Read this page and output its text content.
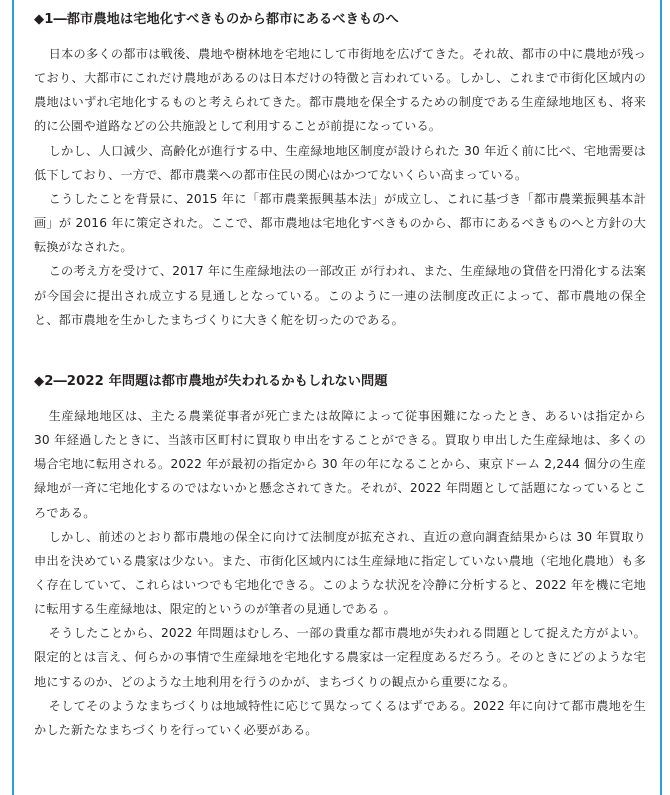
◆1―都市農地は宅地化すべきものから都市にあるべきものへ

日本の多くの都市は戦後、農地や樹林地を宅地にして市街地を広げてきた。それ故、都市の中に農地が残っており、大都市にこれだけ農地があるのは日本だけの特徴と言われている。しかし、これまで市街化区域内の農地はいずれ宅地化するものと考えられてきた。都市農地を保全するための制度である生産緑地地区も、将来的に公園や道路などの公共施設として利用することが前提になっている。

しかし、人口減少、高齢化が進行する中、生産緑地地区制度が設けられた 30 年近く前に比べ、宅地需要は低下しており、一方で、都市農業への都市住民の関心はかつてないくらい高まっている。

こうしたことを背景に、2015 年に「都市農業振興基本法」が成立し、これに基づき「都市農業振興基本計画」が 2016 年に策定された。ここで、都市農地は宅地化すべきものから、都市にあるべきものへと方針の大転換がなされた。

この考え方を受けて、2017 年に生産緑地法の一部改正 が行われ、また、生産緑地の貸借を円滑化する法案 が今国会に提出され成立する見通しとなっている。このように一連の法制度改正によって、都市農地の保全と、都市農地を生かしたまちづくりに大きく舵を切ったのである。

◆2―2022 年問題は都市農地が失われるかもしれない問題

生産緑地地区は、主たる農業従事者が死亡または故障によって従事困難になったとき、あるいは指定から 30 年経過したときに、当該市区町村に買取り申出をすることができる。買取り申出した生産緑地は、多くの場合宅地に転用される。2022 年が最初の指定から 30 年の年になることから、東京ドーム 2,244 個分の生産緑地が一斉に宅地化するのではないかと懸念されてきた。それが、2022 年問題として話題になっているところである。

しかし、前述のとおり都市農地の保全に向けて法制度が拡充され、直近の意向調査結果からは 30 年買取り申出を決めている農家は少ない。また、市街化区域内には生産緑地に指定していない農地（宅地化農地）も多く存在していて、これらはいつでも宅地化できる。このような状況を冷静に分析すると、2022 年を機に宅地に転用する生産緑地は、限定的というのが筆者の見通しである 。

そうしたことから、2022 年問題はむしろ、一部の貴重な都市農地が失われる問題として捉えた方がよい。限定的とは言え、何らかの事情で生産緑地を宅地化する農家は一定程度あるだろう。そのときにどのような宅地にするのか、どのような土地利用を行うのかが、まちづくりの観点から重要になる。

そしてそのようなまちづくりは地域特性に応じて異なってくるはずである。2022 年に向けて都市農地を生かした新たなまちづくりを行っていく必要がある。
